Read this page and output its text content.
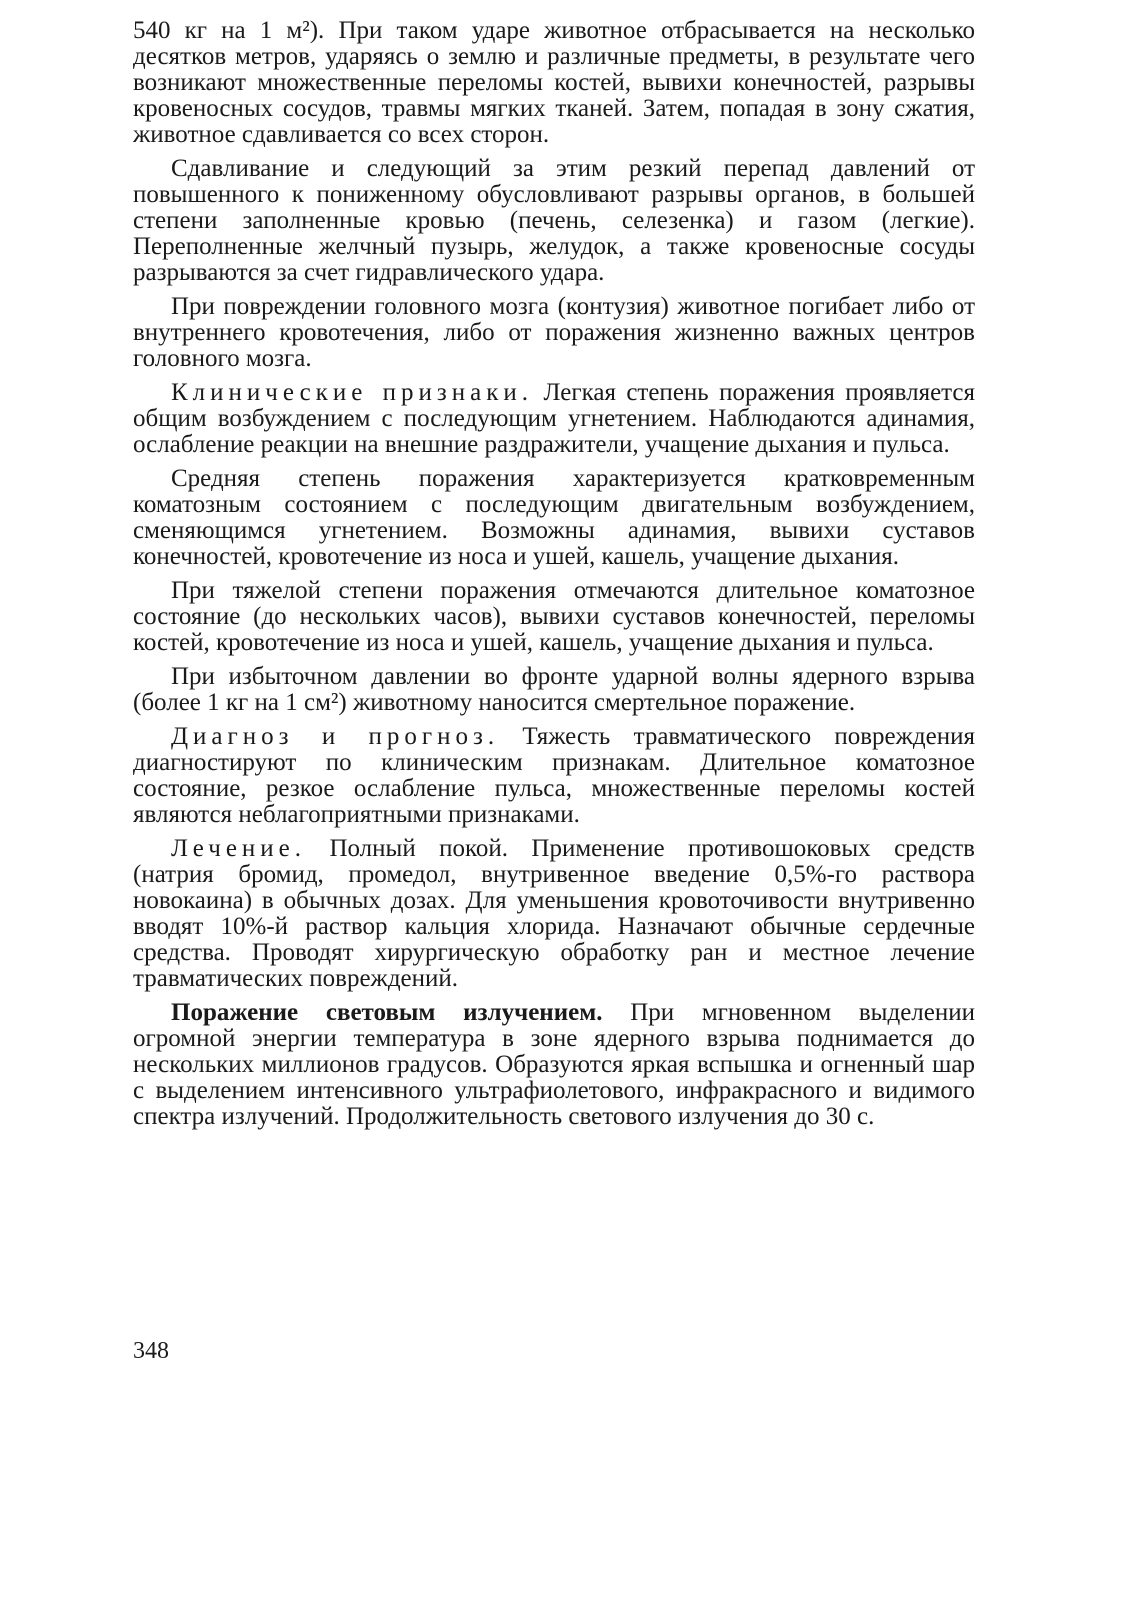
540 кг на 1 м²). При таком ударе животное отбрасывается на несколько десятков метров, ударяясь о землю и различные предметы, в результате чего возникают множественные переломы костей, вывихи конечностей, разрывы кровеносных сосудов, травмы мягких тканей. Затем, попадая в зону сжатия, животное сдавливается со всех сторон.

Сдавливание и следующий за этим резкий перепад давлений от повышенного к пониженному обусловливают разрывы органов, в большей степени заполненные кровью (печень, селезенка) и газом (легкие). Переполненные желчный пузырь, желудок, а также кровеносные сосуды разрываются за счет гидравлического удара.

При повреждении головного мозга (контузия) животное погибает либо от внутреннего кровотечения, либо от поражения жизненно важных центров головного мозга.

Клинические признаки. Легкая степень поражения проявляется общим возбуждением с последующим угнетением. Наблюдаются адинамия, ослабление реакции на внешние раздражители, учащение дыхания и пульса.

Средняя степень поражения характеризуется кратковременным коматозным состоянием с последующим двигательным возбуждением, сменяющимся угнетением. Возможны адинамия, вывихи суставов конечностей, кровотечение из носа и ушей, кашель, учащение дыхания.

При тяжелой степени поражения отмечаются длительное коматозное состояние (до нескольких часов), вывихи суставов конечностей, переломы костей, кровотечение из носа и ушей, кашель, учащение дыхания и пульса.

При избыточном давлении во фронте ударной волны ядерного взрыва (более 1 кг на 1 см²) животному наносится смертельное поражение.

Диагноз и прогноз. Тяжесть травматического повреждения диагностируют по клиническим признакам. Длительное коматозное состояние, резкое ослабление пульса, множественные переломы костей являются неблагоприятными признаками.

Лечение. Полный покой. Применение противошоковых средств (натрия бромид, промедол, внутривенное введение 0,5%-го раствора новокаина) в обычных дозах. Для уменьшения кровоточивости внутривенно вводят 10%-й раствор кальция хлорида. Назначают обычные сердечные средства. Проводят хирургическую обработку ран и местное лечение травматических повреждений.

Поражение световым излучением. При мгновенном выделении огромной энергии температура в зоне ядерного взрыва поднимается до нескольких миллионов градусов. Образуются яркая вспышка и огненный шар с выделением интенсивного ультрафиолетового, инфракрасного и видимого спектра излучений. Продолжительность светового излучения до 30 с.

348
